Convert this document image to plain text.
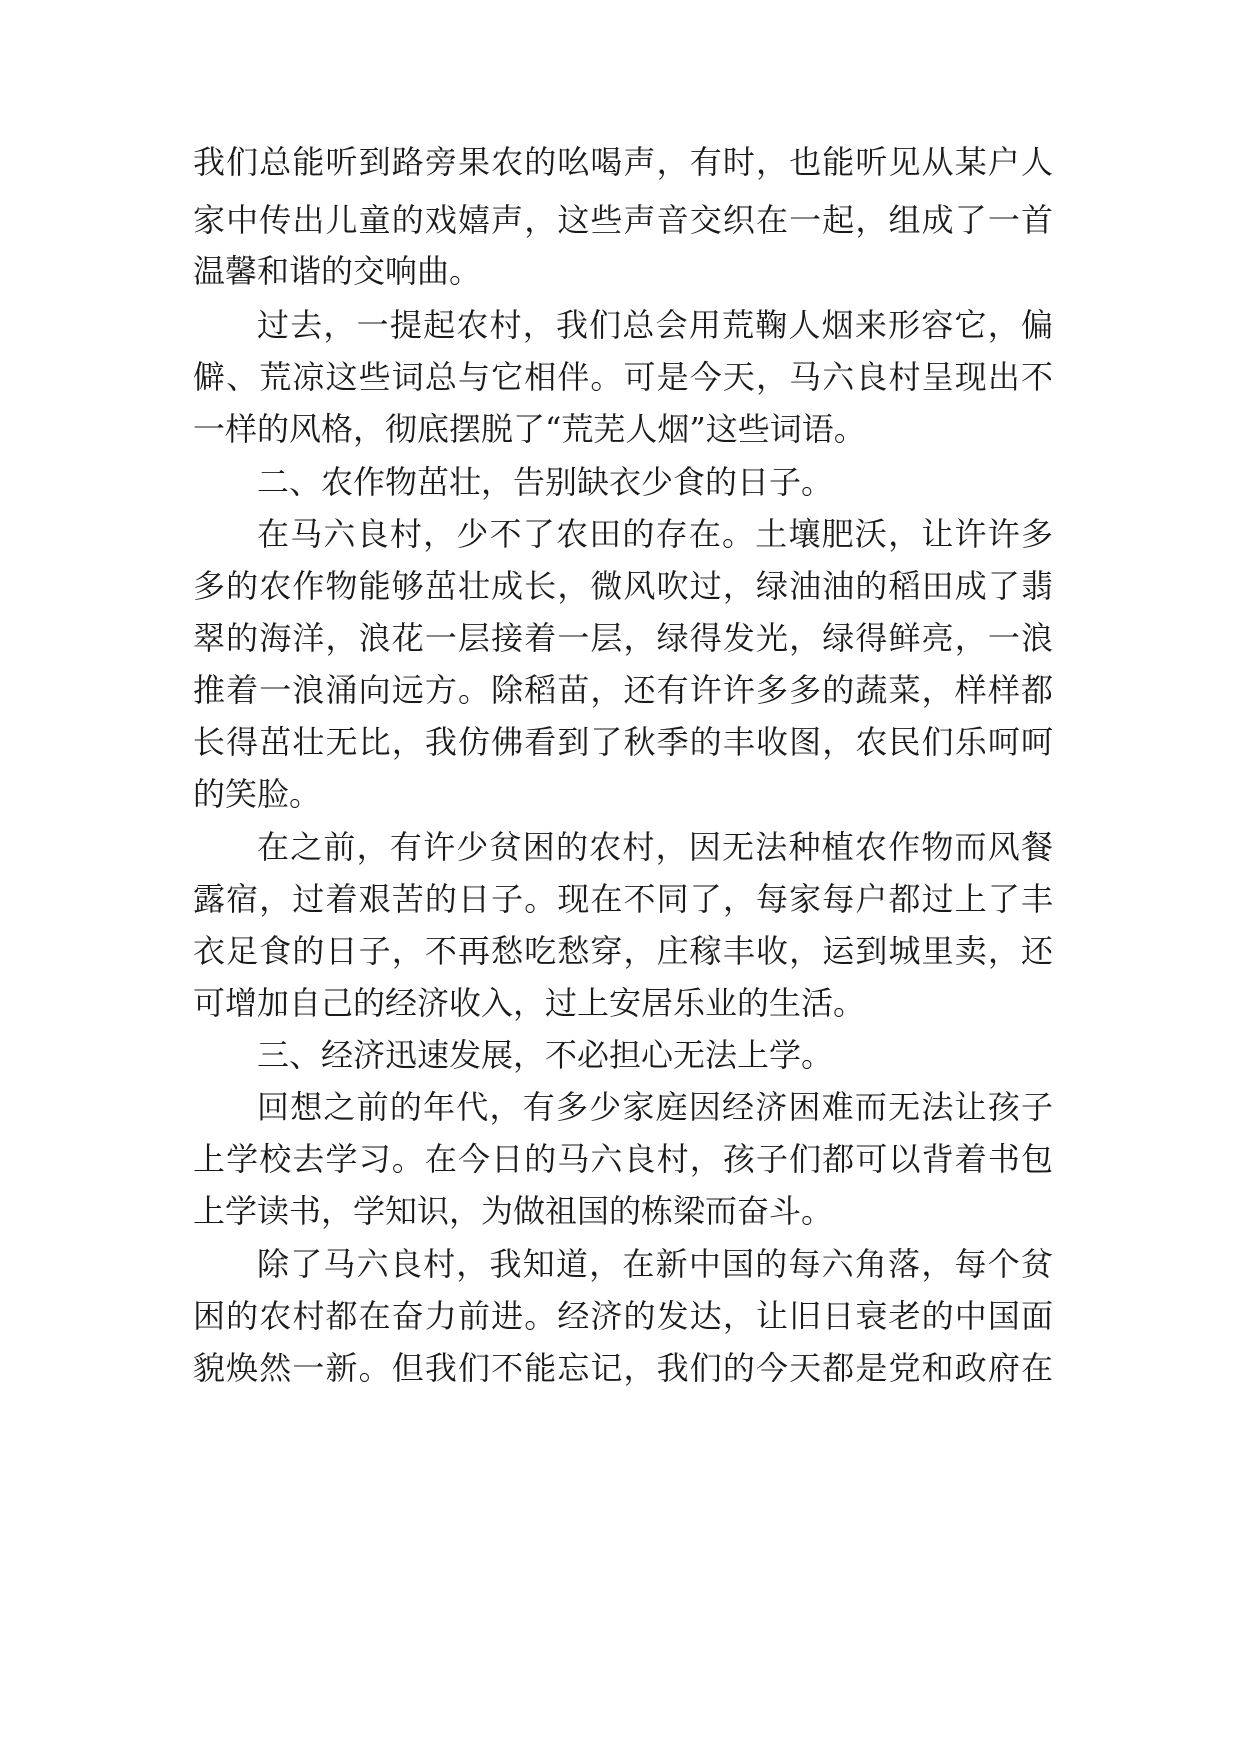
我们总能听到路旁果农的吆喝声，有时，也能听见从某户人
家中传出儿童的戏嬉声，这些声音交织在一起，组成了一首
温馨和谐的交响曲。
过去，一提起农村，我们总会用荒鞠人烟来形容它，偏
僻、荒凉这些词总与它相伴。可是今天，马六良村呈现出不
一样的风格，彻底摆脱了“荒芜人烟”这些词语。
二、农作物茁壮，告别缺衣少食的日子。
在马六良村，少不了农田的存在。土壤肥沃，让许许多
多的农作物能够茁壮成长，微风吹过，绿油油的稻田成了翡
翠的海洋，浪花一层接着一层，绿得发光，绿得鲜亮，一浪
推着一浪涌向远方。除稻苗，还有许许多多的蔬菜，样样都
长得茁壮无比，我仿佛看到了秋季的丰收图，农民们乐呵呵
的笑脸。
在之前，有许少贫困的农村，因无法种植农作物而风餐
露宿，过着艰苦的日子。现在不同了，每家每户都过上了丰
衣足食的日子，不再愁吃愁穿，庄稼丰收，运到城里卖，还
可增加自己的经济收入，过上安居乐业的生活。
三、经济迅速发展，不必担心无法上学。
回想之前的年代，有多少家庭因经济困难而无法让孩子
上学校去学习。在今日的马六良村，孩子们都可以背着书包
上学读书，学知识，为做祖国的栋梁而奋斗。
除了马六良村，我知道，在新中国的每六角落，每个贫
困的农村都在奋力前进。经济的发达，让旧日衰老的中国面
貌焕然一新。但我们不能忘记，我们的今天都是党和政府在
